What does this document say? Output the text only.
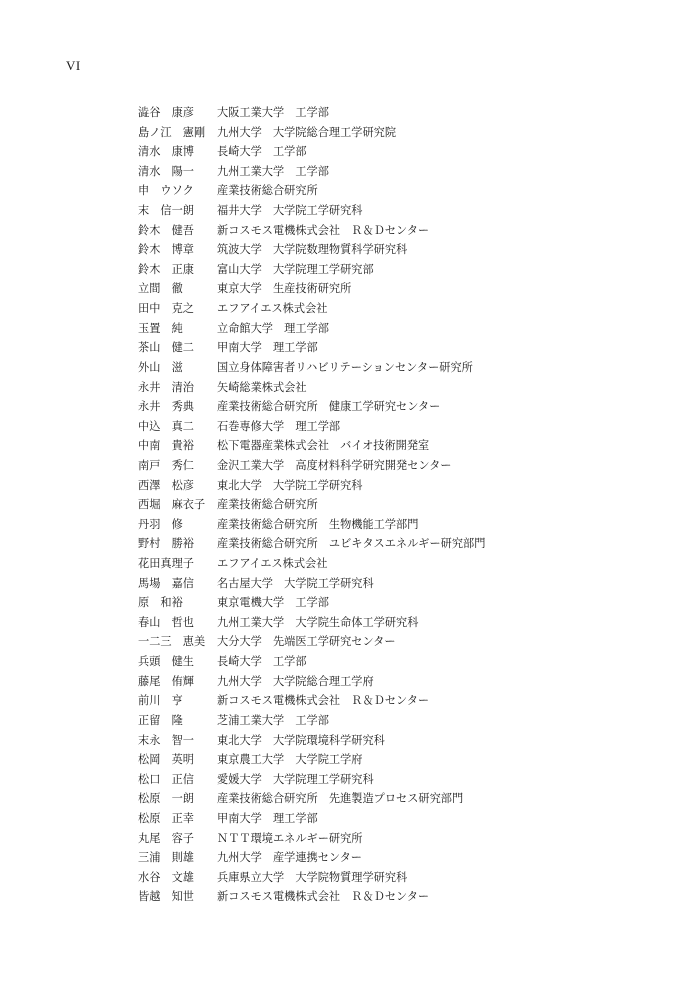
VI
澁谷　康彦	大阪工業大学　工学部
島ノ江　憲剛	九州大学　大学院総合理工学研究院
清水　康博	長崎大学　工学部
清水　陽一	九州工業大学　工学部
申　ウソク	産業技術総合研究所
末　信一朗	福井大学　大学院工学研究科
鈴木　健吾	新コスモス電機株式会社　Ｒ＆Ｄセンター
鈴木　博章	筑波大学　大学院数理物質科学研究科
鈴木　正康	富山大学　大学院理工学研究部
立間　徹	東京大学　生産技術研究所
田中　克之	エフアイエス株式会社
玉置　純	立命館大学　理工学部
茶山　健二	甲南大学　理工学部
外山　滋	国立身体障害者リハビリテーションセンター研究所
永井　清治	矢崎総業株式会社
永井　秀典	産業技術総合研究所　健康工学研究センター
中込　真二	石巻専修大学　理工学部
中南　貴裕	松下電器産業株式会社　バイオ技術開発室
南戸　秀仁	金沢工業大学　高度材料科学研究開発センター
西澤　松彦	東北大学　大学院工学研究科
西堀　麻衣子	産業技術総合研究所
丹羽　修	産業技術総合研究所　生物機能工学部門
野村　勝裕	産業技術総合研究所　ユビキタスエネルギー研究部門
花田真理子	エフアイエス株式会社
馬場　嘉信	名古屋大学　大学院工学研究科
原　和裕	東京電機大学　工学部
春山　哲也	九州工業大学　大学院生命体工学研究科
一二三　恵美	大分大学　先端医工学研究センター
兵頭　健生	長崎大学　工学部
藤尾　侑輝	九州大学　大学院総合理工学府
前川　亨	新コスモス電機株式会社　Ｒ＆Ｄセンター
正留　隆	芝浦工業大学　工学部
末永　智一	東北大学　大学院環境科学研究科
松岡　英明	東京農工大学　大学院工学府
松口　正信	愛媛大学　大学院理工学研究科
松原　一朗	産業技術総合研究所　先進製造プロセス研究部門
松原　正幸	甲南大学　理工学部
丸尾　容子	ＮＴＴ環境エネルギー研究所
三浦　則雄	九州大学　産学連携センター
水谷　文雄	兵庫県立大学　大学院物質理学研究科
皆越　知世	新コスモス電機株式会社　Ｒ＆Ｄセンター
